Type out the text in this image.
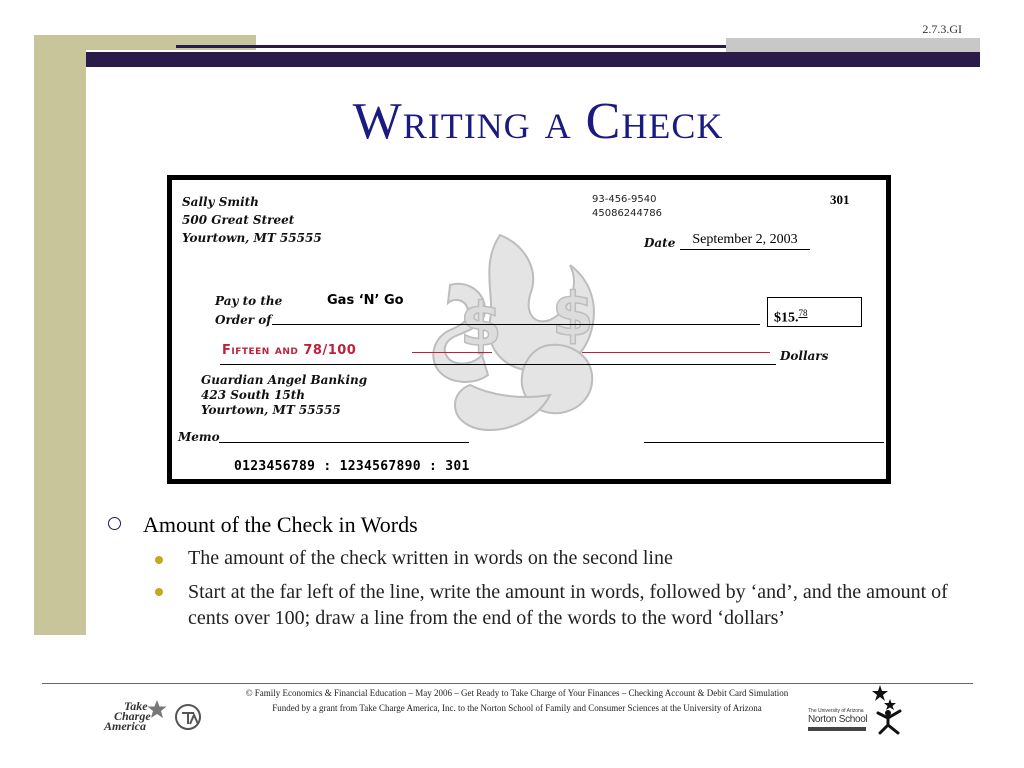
2.7.3.GI
Writing a Check
$ $
Sally Smith
500 Great Street
Yourtown, MT 55555
93-456-9540
45086244786
301
Date	September 2, 2003
Pay to the
Order of
Gas ‘N’ Go
$15.78
Fifteen and 78/100	Dollars
Guardian Angel Banking
423 South 15th
Yourtown, MT 55555
Memo
0123456789 : 1234567890 : 301
Amount of the Check in Words
The amount of the check written in words on the second line
Start at the far left of the line, write the amount in words, followed by ‘and’, and the amount of cents over 100; draw a line from the end of the words to the word ‘dollars’
© Family Economics & Financial Education – May 2006 – Get Ready to Take Charge of Your Finances – Checking Account & Debit Card Simulation
Funded by a grant from Take Charge America, Inc. to the Norton School of Family and Consumer Sciences at the University of Arizona
Take
Charge
America
The University of Arizona
Norton School
